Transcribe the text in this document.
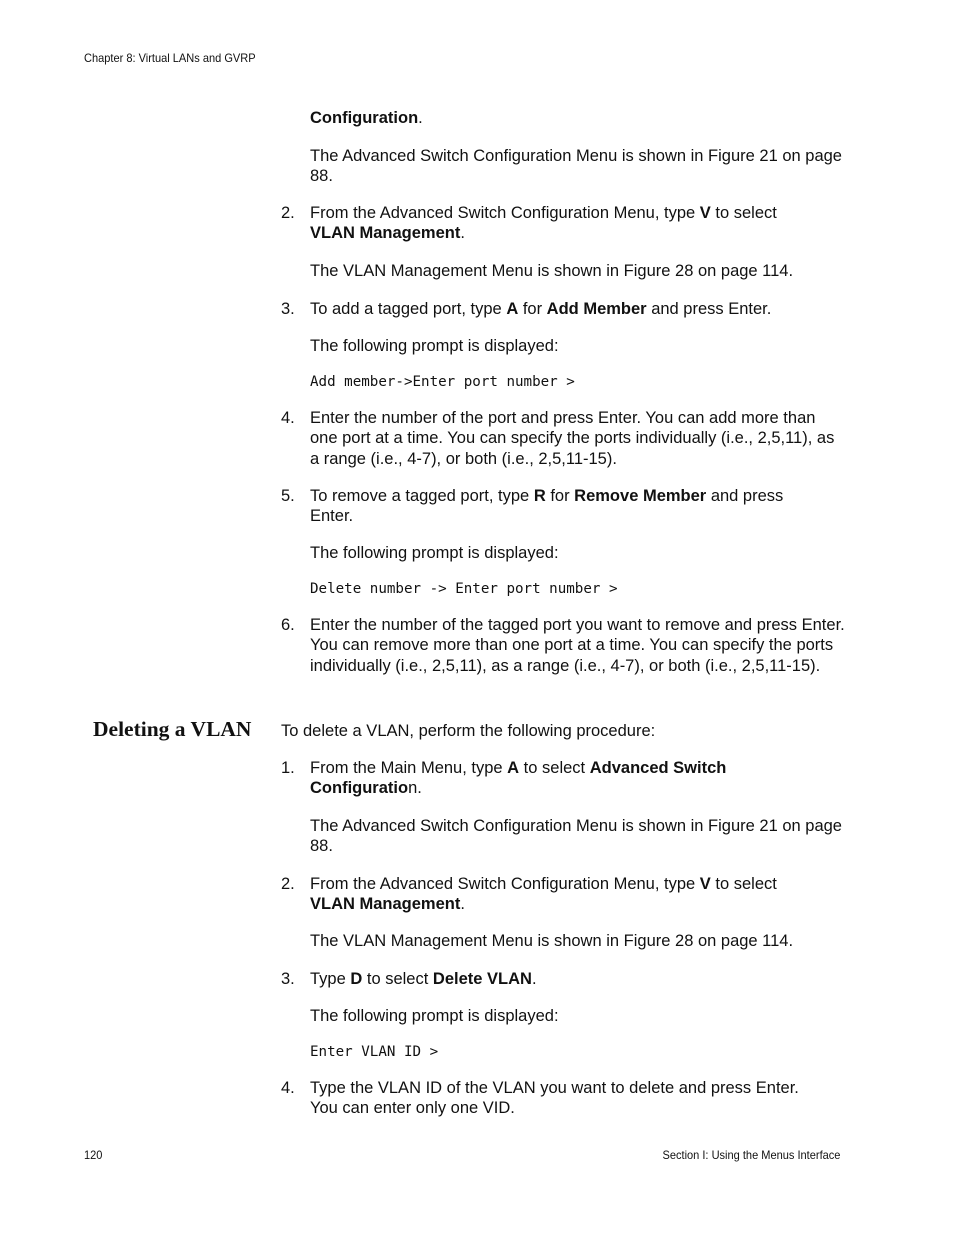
Chapter 8: Virtual LANs and GVRP
Configuration.
The Advanced Switch Configuration Menu is shown in Figure 21 on page 88.
2. From the Advanced Switch Configuration Menu, type V to select
VLAN Management.
The VLAN Management Menu is shown in Figure 28 on page 114.
3. To add a tagged port, type A for Add Member and press Enter.
The following prompt is displayed:
Add member->Enter port number >
4. Enter the number of the port and press Enter. You can add more than one port at a time. You can specify the ports individually (i.e., 2,5,11), as a range (i.e., 4-7), or both (i.e., 2,5,11-15).
5. To remove a tagged port, type R for Remove Member and press Enter.
The following prompt is displayed:
Delete number -> Enter port number >
6. Enter the number of the tagged port you want to remove and press Enter. You can remove more than one port at a time. You can specify the ports individually (i.e., 2,5,11), as a range (i.e., 4-7), or both (i.e., 2,5,11-15).
Deleting a VLAN To delete a VLAN, perform the following procedure:
1. From the Main Menu, type A to select Advanced Switch
Configuration.
The Advanced Switch Configuration Menu is shown in Figure 21 on page 88.
2. From the Advanced Switch Configuration Menu, type V to select
VLAN Management.
The VLAN Management Menu is shown in Figure 28 on page 114.
3. Type D to select Delete VLAN.
The following prompt is displayed:
Enter VLAN ID >
4. Type the VLAN ID of the VLAN you want to delete and press Enter. You can enter only one VID.
120	Section I: Using the Menus Interface
